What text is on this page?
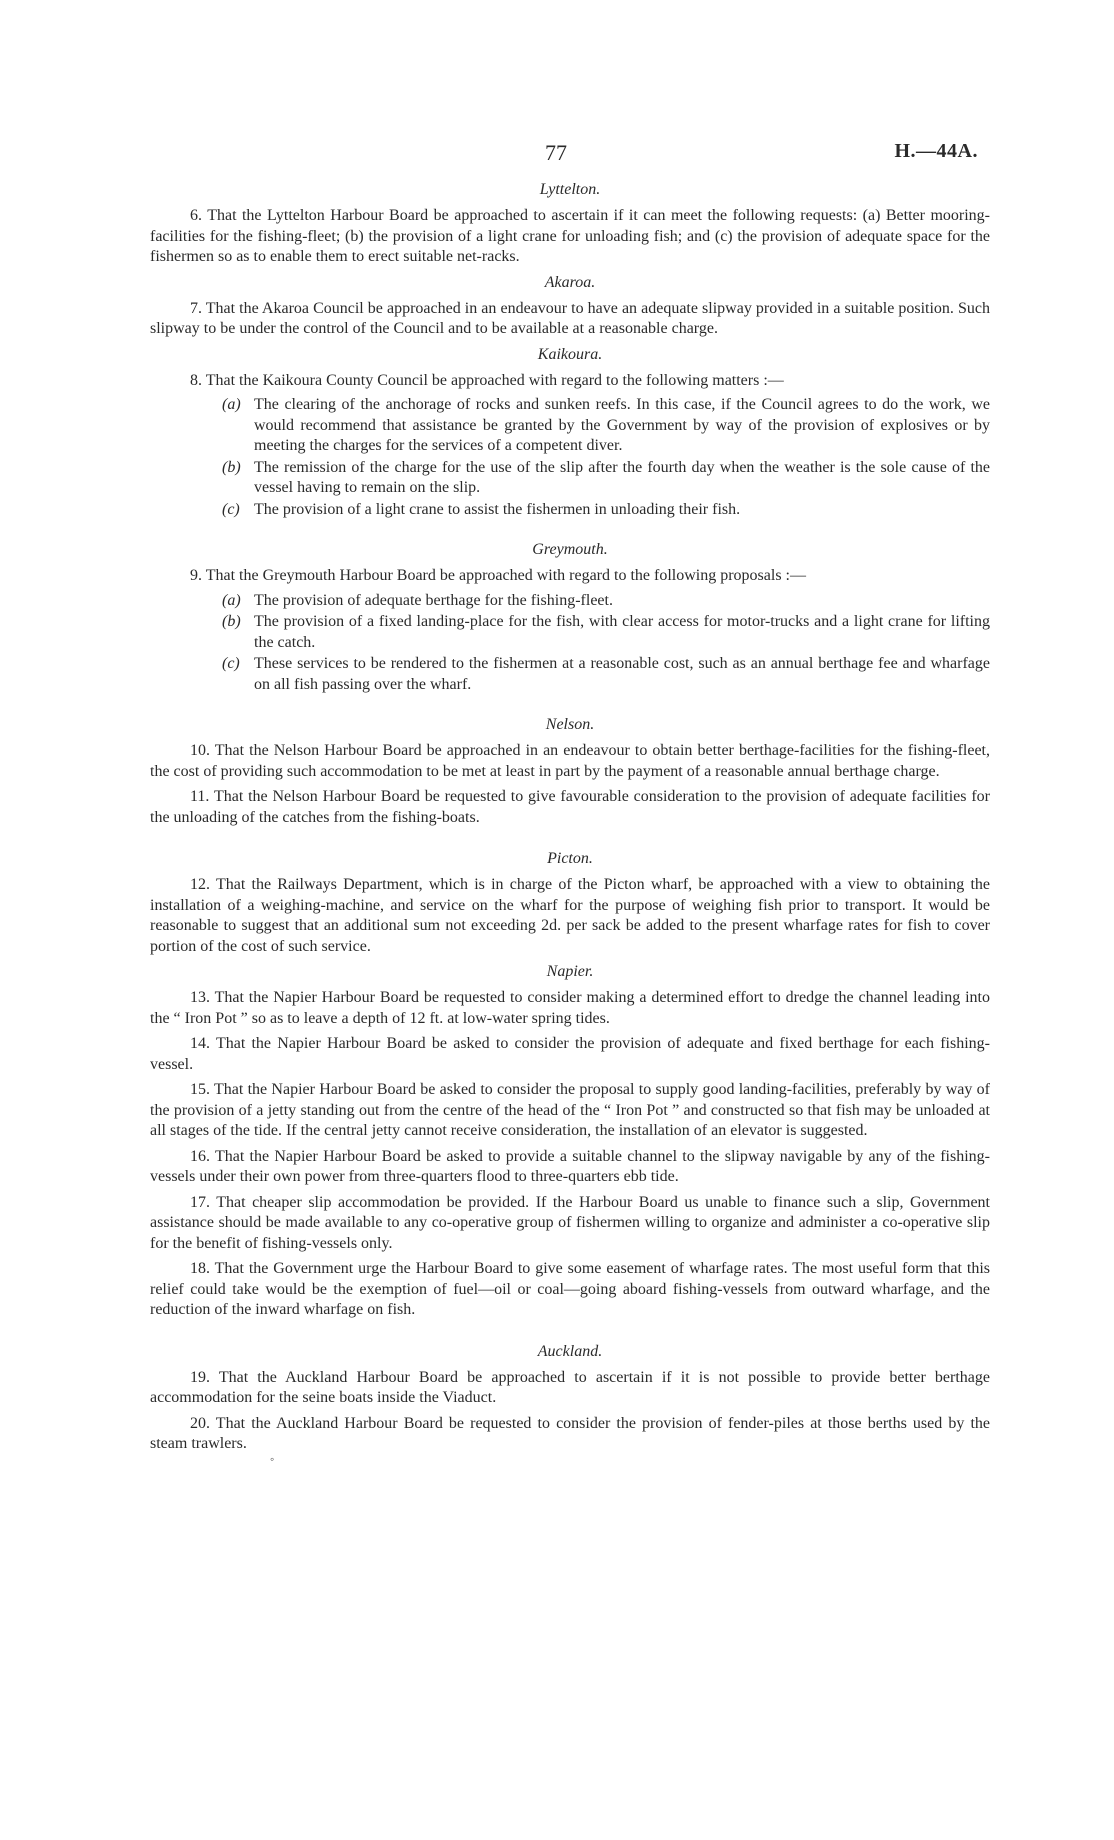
77	H.—44A.
Lyttelton.

6. That the Lyttelton Harbour Board be approached to ascertain if it can meet the following requests: (a) Better mooring-facilities for the fishing-fleet; (b) the provision of a light crane for unloading fish; and (c) the provision of adequate space for the fishermen so as to enable them to erect suitable net-racks.

Akaroa.

7. That the Akaroa Council be approached in an endeavour to have an adequate slipway provided in a suitable position. Such slipway to be under the control of the Council and to be available at a reasonable charge.

Kaikoura.

8. That the Kaikoura County Council be approached with regard to the following matters :—

(a) The clearing of the anchorage of rocks and sunken reefs. In this case, if the Council agrees to do the work, we would recommend that assistance be granted by the Government by way of the provision of explosives or by meeting the charges for the services of a competent diver.
(b) The remission of the charge for the use of the slip after the fourth day when the weather is the sole cause of the vessel having to remain on the slip.
(c) The provision of a light crane to assist the fishermen in unloading their fish.
Greymouth.

9. That the Greymouth Harbour Board be approached with regard to the following proposals :—

(a) The provision of adequate berthage for the fishing-fleet.
(b) The provision of a fixed landing-place for the fish, with clear access for motor-trucks and a light crane for lifting the catch.
(c) These services to be rendered to the fishermen at a reasonable cost, such as an annual berthage fee and wharfage on all fish passing over the wharf.
Nelson.

10. That the Nelson Harbour Board be approached in an endeavour to obtain better berthage-facilities for the fishing-fleet, the cost of providing such accommodation to be met at least in part by the payment of a reasonable annual berthage charge.

11. That the Nelson Harbour Board be requested to give favourable consideration to the provision of adequate facilities for the unloading of the catches from the fishing-boats.

Picton.

12. That the Railways Department, which is in charge of the Picton wharf, be approached with a view to obtaining the installation of a weighing-machine, and service on the wharf for the purpose of weighing fish prior to transport. It would be reasonable to suggest that an additional sum not exceeding 2d. per sack be added to the present wharfage rates for fish to cover portion of the cost of such service.

Napier.

13. That the Napier Harbour Board be requested to consider making a determined effort to dredge the channel leading into the “ Iron Pot ” so as to leave a depth of 12 ft. at low-water spring tides.

14. That the Napier Harbour Board be asked to consider the provision of adequate and fixed berthage for each fishing-vessel.

15. That the Napier Harbour Board be asked to consider the proposal to supply good landing-facilities, preferably by way of the provision of a jetty standing out from the centre of the head of the “ Iron Pot ” and constructed so that fish may be unloaded at all stages of the tide. If the central jetty cannot receive consideration, the installation of an elevator is suggested.

16. That the Napier Harbour Board be asked to provide a suitable channel to the slipway navigable by any of the fishing-vessels under their own power from three-quarters flood to three-quarters ebb tide.

17. That cheaper slip accommodation be provided. If the Harbour Board us unable to finance such a slip, Government assistance should be made available to any co-operative group of fishermen willing to organize and administer a co-operative slip for the benefit of fishing-vessels only.

18. That the Government urge the Harbour Board to give some easement of wharfage rates. The most useful form that this relief could take would be the exemption of fuel—oil or coal—going aboard fishing-vessels from outward wharfage, and the reduction of the inward wharfage on fish.

Auckland.

19. That the Auckland Harbour Board be approached to ascertain if it is not possible to provide better berthage accommodation for the seine boats inside the Viaduct.

20. That the Auckland Harbour Board be requested to consider the provision of fender-piles at those berths used by the steam trawlers.

◦
